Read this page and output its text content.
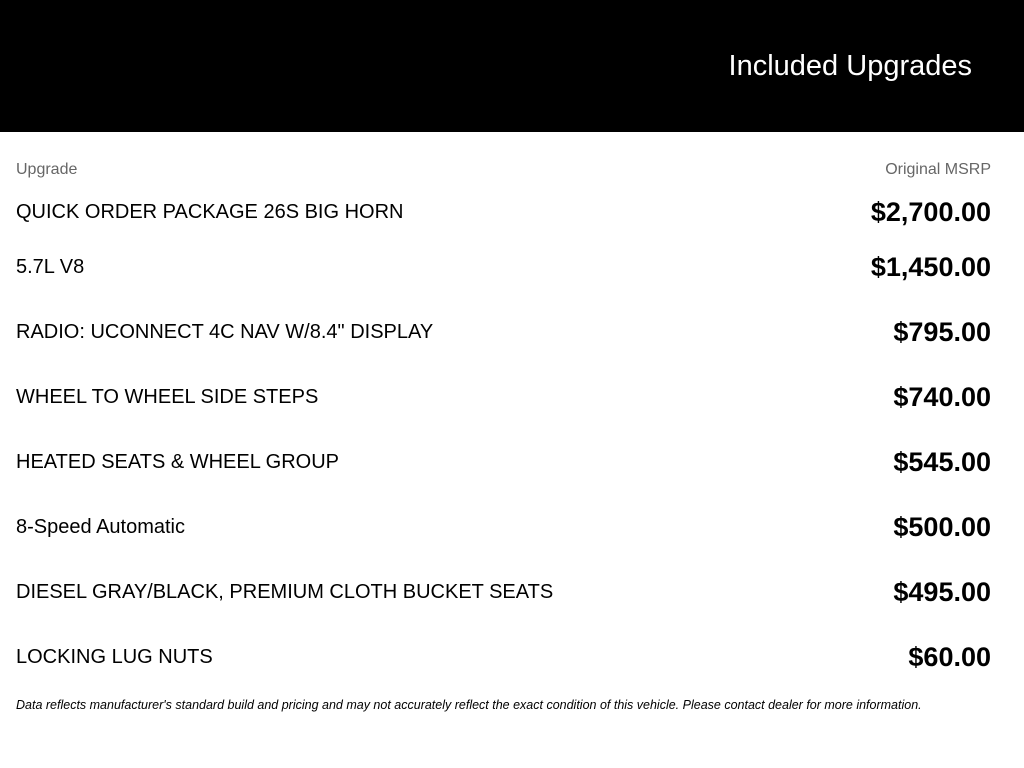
Included Upgrades
Upgrade	Original MSRP
QUICK ORDER PACKAGE 26S BIG HORN	$2,700.00
5.7L V8	$1,450.00
RADIO: UCONNECT 4C NAV W/8.4" DISPLAY	$795.00
WHEEL TO WHEEL SIDE STEPS	$740.00
HEATED SEATS & WHEEL GROUP	$545.00
8-Speed Automatic	$500.00
DIESEL GRAY/BLACK, PREMIUM CLOTH BUCKET SEATS	$495.00
LOCKING LUG NUTS	$60.00
Data reflects manufacturer's standard build and pricing and may not accurately reflect the exact condition of this vehicle. Please contact dealer for more information.
